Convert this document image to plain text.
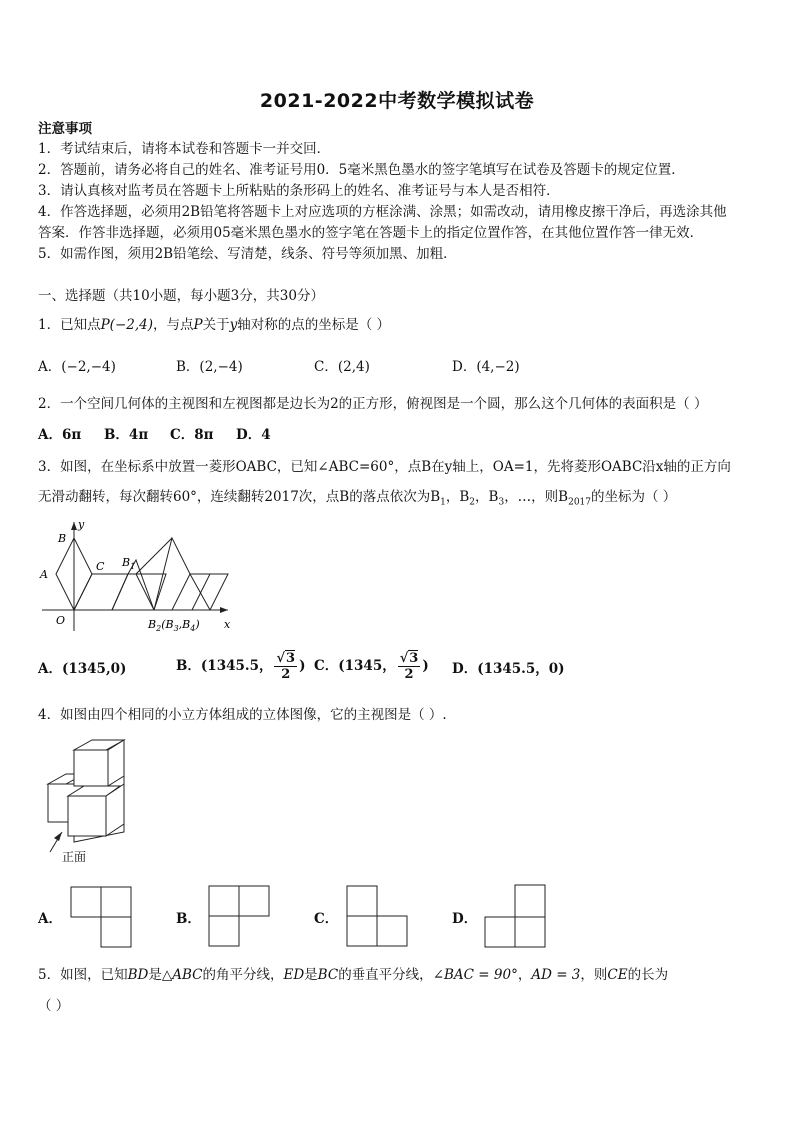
2021-2022中考数学模拟试卷
注意事项
1．考试结束后，请将本试卷和答题卡一并交回．
2．答题前，请务必将自己的姓名、准考证号用0．5毫米黑色墨水的签字笔填写在试卷及答题卡的规定位置．
3．请认真核对监考员在答题卡上所粘贴的条形码上的姓名、准考证号与本人是否相符．
4．作答选择题，必须用2B铅笔将答题卡上对应选项的方框涂满、涂黑；如需改动，请用橡皮擦干净后，再选涂其他
答案．作答非选择题，必须用05毫米黑色墨水的签字笔在答题卡上的指定位置作答，在其他位置作答一律无效．
5．如需作图，须用2B铅笔绘、写清楚，线条、符号等须加黑、加粗．
一、选择题（共10小题，每小题3分，共30分）
1．已知点P(−2,4)，与点P关于y轴对称的点的坐标是（ ）
A．(−2,−4)	B．(2,−4)	C．(2,4)	D．(4,−2)
2．一个空间几何体的主视图和左视图都是边长为2的正方形，俯视图是一个圆，那么这个几何体的表面积是（ ）
A．6π B．4π C．8π D．4
3．如图，在坐标系中放置一菱形OABC，已知∠ABC=60°，点B在y轴上，OA=1，先将菱形OABC沿x轴的正方向
无滑动翻转，每次翻转60°，连续翻转2017次，点B的落点依次为$B_1$，$B_2$，$B_3$，…，则$B_{2017}$的坐标为（ ）
y
B
A
C $B_1$
O	$B_2(B_3,B_4)$ x
A．(1345,0)	B．(1345.5， $\frac{√3}{2}$ ) C．(1345， $\frac{√3}{2}$ ) D．(1345.5，0)
4．如图由四个相同的小立方体组成的立体图像，它的主视图是（ ）.
正面
A．	B．	C．	D．
5．如图，已知BD是△ABC的角平分线，ED是BC的垂直平分线，∠BAC = 90°，AD = 3，则CE的长为
（ ）
